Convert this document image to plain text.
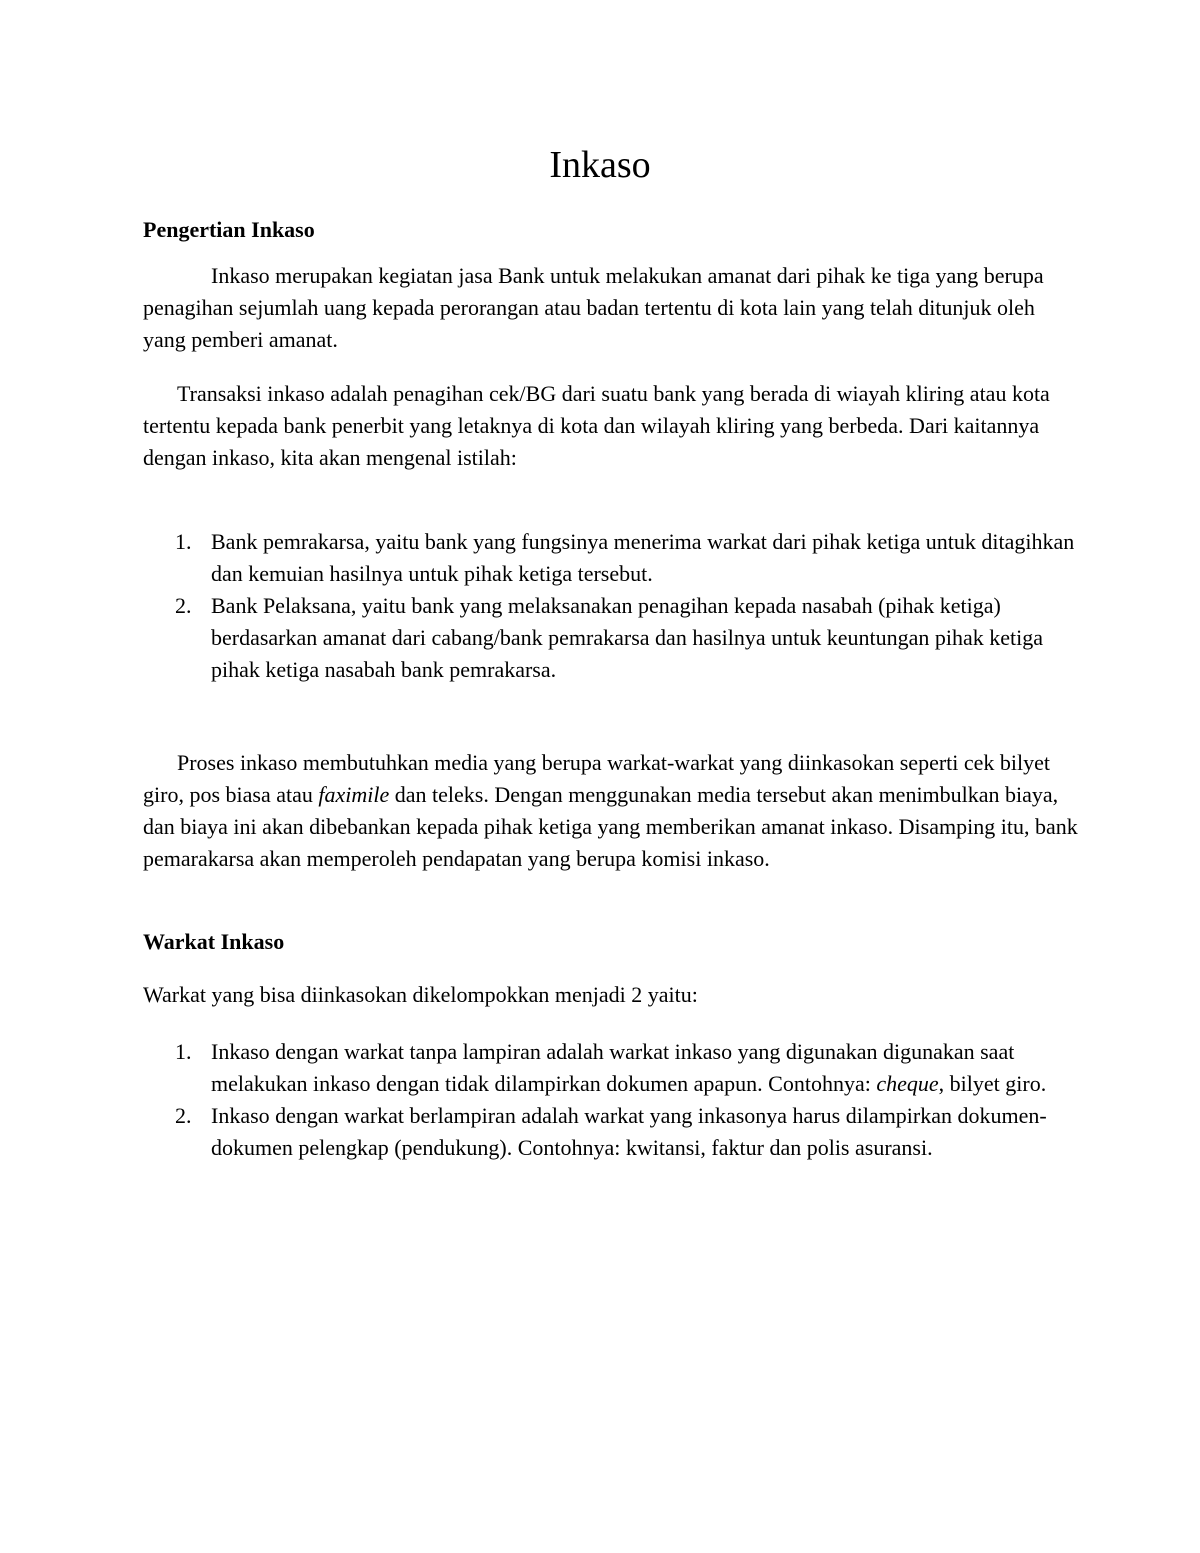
Inkaso
Pengertian Inkaso

Inkaso merupakan kegiatan jasa Bank untuk melakukan amanat dari pihak ke tiga yang berupa penagihan sejumlah uang kepada perorangan atau badan tertentu di kota lain yang telah ditunjuk oleh yang pemberi amanat.

Transaksi inkaso adalah penagihan cek/BG dari suatu bank yang berada di wiayah kliring atau kota tertentu kepada bank penerbit yang letaknya di kota dan wilayah kliring yang berbeda. Dari kaitannya dengan inkaso, kita akan mengenal istilah:

1. Bank pemrakarsa, yaitu bank yang fungsinya menerima warkat dari pihak ketiga untuk ditagihkan dan kemuian hasilnya untuk pihak ketiga tersebut.
2. Bank Pelaksana, yaitu bank yang melaksanakan penagihan kepada nasabah (pihak ketiga) berdasarkan amanat dari cabang/bank pemrakarsa dan hasilnya untuk keuntungan pihak ketiga pihak ketiga nasabah bank pemrakarsa.

Proses inkaso membutuhkan media yang berupa warkat-warkat yang diinkasokan seperti cek bilyet giro, pos biasa atau faximile dan teleks. Dengan menggunakan media tersebut akan menimbulkan biaya, dan biaya ini akan dibebankan kepada pihak ketiga yang memberikan amanat inkaso. Disamping itu, bank pemarakarsa akan memperoleh pendapatan yang berupa komisi inkaso.

Warkat Inkaso

Warkat yang bisa diinkasokan dikelompokkan menjadi 2 yaitu:

1. Inkaso dengan warkat tanpa lampiran adalah warkat inkaso yang digunakan digunakan saat melakukan inkaso dengan tidak dilampirkan dokumen apapun. Contohnya: cheque, bilyet giro.
2. Inkaso dengan warkat berlampiran adalah warkat yang inkasonya harus dilampirkan dokumen-dokumen pelengkap (pendukung). Contohnya: kwitansi, faktur dan polis asuransi.
